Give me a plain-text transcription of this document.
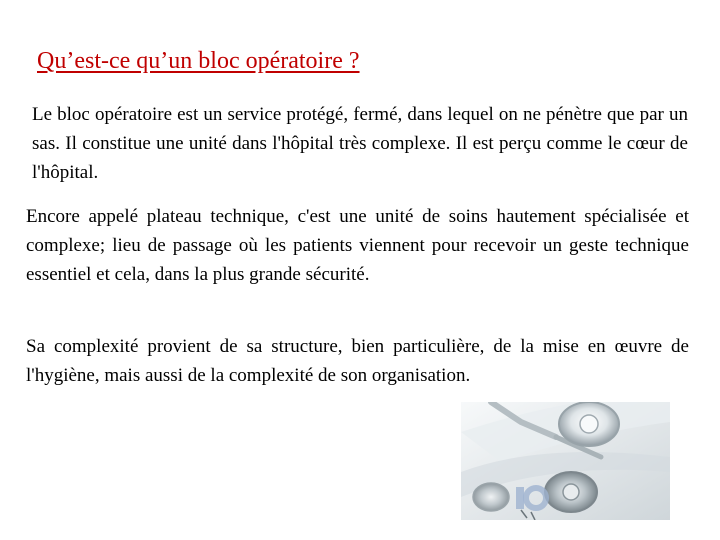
Qu’est-ce qu’un bloc opératoire ?
Le bloc opératoire est un service protégé, fermé, dans lequel on ne pénètre que par un sas. Il constitue une unité dans l'hôpital très complexe. Il est perçu comme le cœur de l'hôpital.
Encore appelé plateau technique, c'est une unité de soins hautement spécialisée et complexe; lieu de passage où les patients viennent pour recevoir un geste technique essentiel et cela, dans la plus grande sécurité.
Sa complexité provient de sa structure, bien particulière, de la mise en œuvre de l'hygiène, mais aussi de la complexité de son organisation.
